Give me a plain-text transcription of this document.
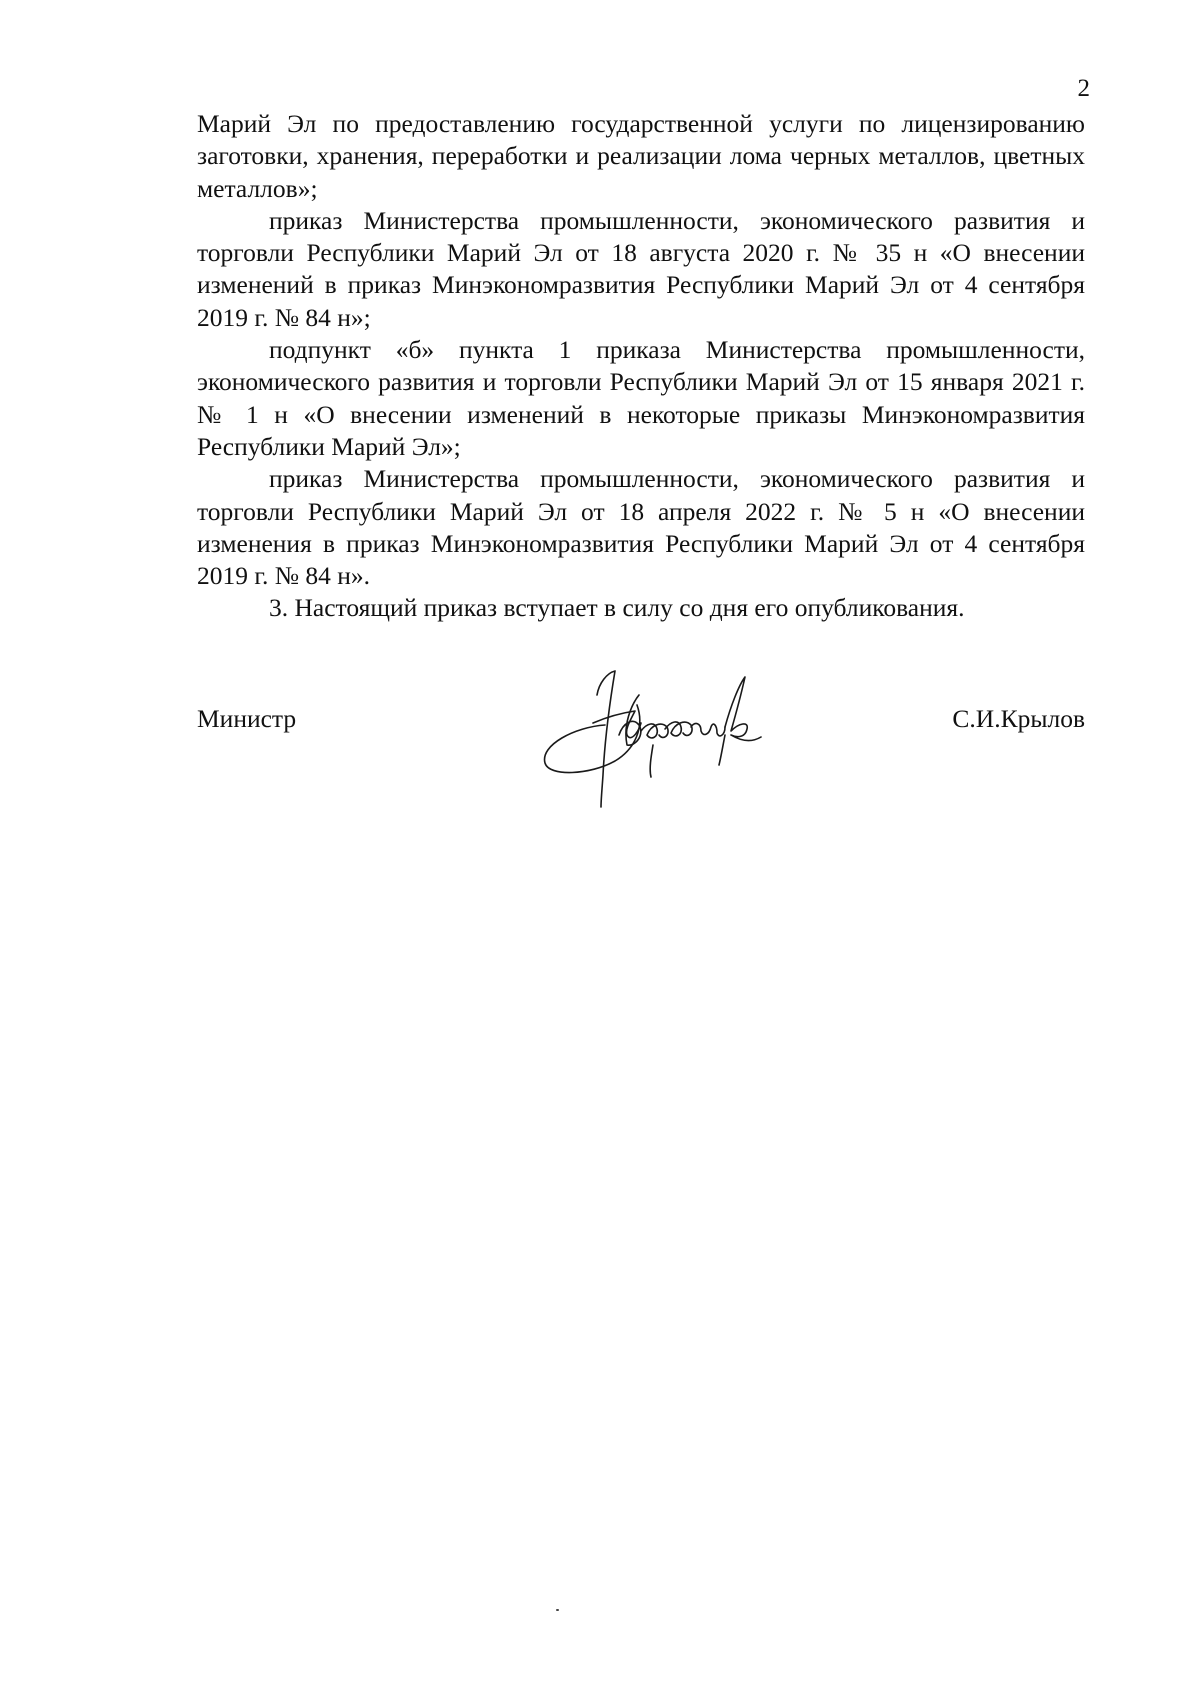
2

Марий Эл по предоставлению государственной услуги по лицензированию заготовки, хранения, переработки и реализации лома черных металлов, цветных металлов»;

приказ Министерства промышленности, экономического развития и торговли Республики Марий Эл от 18 августа 2020 г. № 35 н «О внесении изменений в приказ Минэкономразвития Республики Марий Эл от 4 сентября 2019 г. № 84 н»;

подпункт «б» пункта 1 приказа Министерства промышленности, экономического развития и торговли Республики Марий Эл от 15 января 2021 г. № 1 н «О внесении изменений в некоторые приказы Минэкономразвития Республики Марий Эл»;

приказ Министерства промышленности, экономического развития и торговли Республики Марий Эл от 18 апреля 2022 г. № 5 н «О внесении изменения в приказ Минэкономразвития Республики Марий Эл от 4 сентября 2019 г. № 84 н».

3. Настоящий приказ вступает в силу со дня его опубликования.

Министр	С.И.Крылов
